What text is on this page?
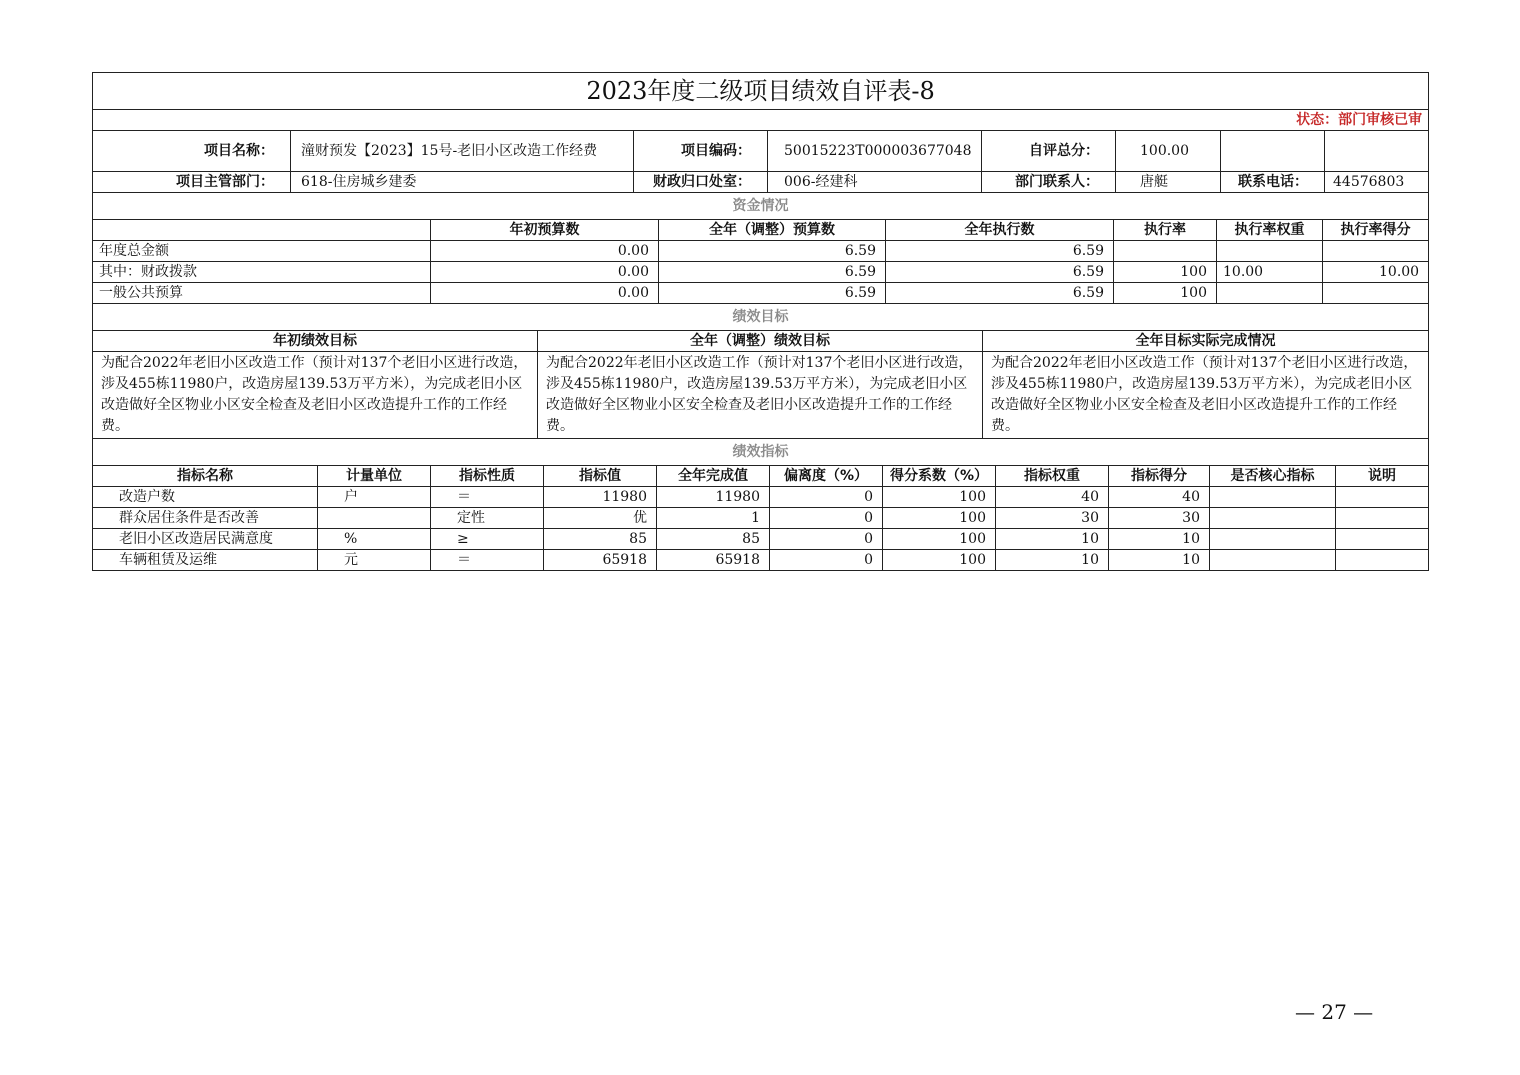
2023年度二级项目绩效自评表-8							
状态：部门审核已审							
项目名称：	潼财预发【2023】15号-老旧小区改造工作经费	项目编码：	50015223T000003677048	自评总分：	100.00		
项目主管部门：	618-住房城乡建委	财政归口处室：	006-经建科	部门联系人：	唐艇	联系电话：	44576803
资金情况						
	年初预算数	全年（调整）预算数	全年执行数	执行率	执行率权重	执行率得分
年度总金额	0.00	6.59	6.59			
其中：财政拨款	0.00	6.59	6.59	100	10.00	10.00
一般公共预算	0.00	6.59	6.59	100		
绩效目标		
年初绩效目标	全年（调整）绩效目标	全年目标实际完成情况
为配合2022年老旧小区改造工作（预计对137个老旧小区进行改造，涉及455栋11980户，改造房屋139.53万平方米），为完成老旧小区改造做好全区物业小区安全检查及老旧小区改造提升工作的工作经费。	为配合2022年老旧小区改造工作（预计对137个老旧小区进行改造，涉及455栋11980户，改造房屋139.53万平方米），为完成老旧小区改造做好全区物业小区安全检查及老旧小区改造提升工作的工作经费。	为配合2022年老旧小区改造工作（预计对137个老旧小区进行改造，涉及455栋11980户，改造房屋139.53万平方米），为完成老旧小区改造做好全区物业小区安全检查及老旧小区改造提升工作的工作经费。
绩效指标										
指标名称	计量单位	指标性质	指标值	全年完成值	偏离度（%）	得分系数（%）	指标权重	指标得分	是否核心指标	说明
改造户数	户	＝	11980	11980	0	100	40	40		
群众居住条件是否改善		定性	优	1	0	100	30	30		
老旧小区改造居民满意度	%	≥	85	85	0	100	10	10		
车辆租赁及运维	元	＝	65918	65918	0	100	10	10		
— 27 —
